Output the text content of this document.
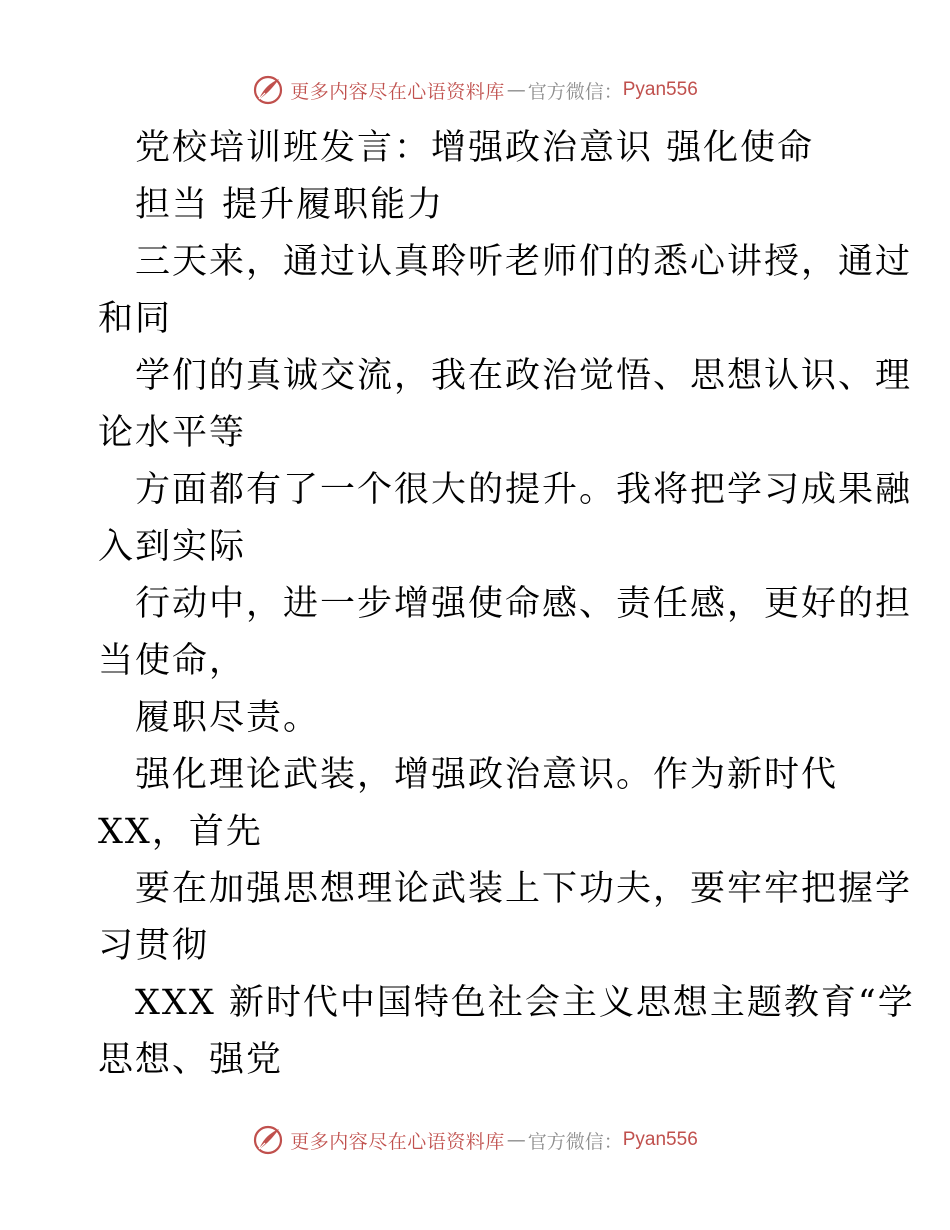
更多内容尽在心语资料库 — 官方微信： Pyan556
党校培训班发言：增强政治意识 强化使命
担当 提升履职能力
三天来，通过认真聆听老师们的悉心讲授，通过
和同
学们的真诚交流，我在政治觉悟、思想认识、理
论水平等
方面都有了一个很大的提升。我将把学习成果融
入到实际
行动中，进一步增强使命感、责任感，更好的担
当使命，
履职尽责。
强化理论武装，增强政治意识。作为新时代
XX，首先
要在加强思想理论武装上下功夫，要牢牢把握学
习贯彻
XXX 新时代中国特色社会主义思想主题教育“学
思想、强党
更多内容尽在心语资料库 — 官方微信： Pyan556
